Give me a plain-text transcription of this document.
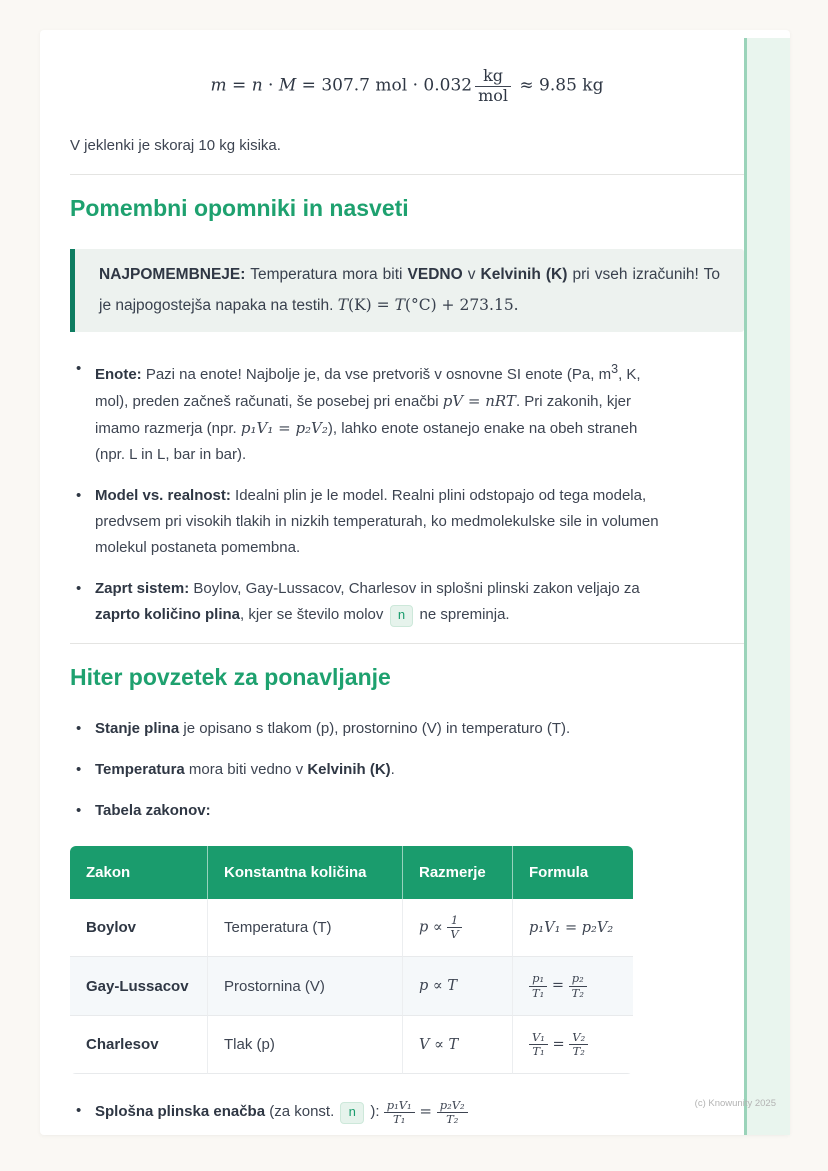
m = n · M = 307.7 mol · $0.032 \frac{kg}{\text{mol}} \approx 9.85$ kg

V jeklenki je skoraj 10 kg kisika.

Pomembni opomniki in nasveti

NAJPOMEMBNEJE: Temperatura mora biti VEDNO v Kelvinih (K) pri vseh izračunih! To je najpogostejša napaka na testih. T(K) = T(°C) + 273.15.

• Enote: Pazi na enote! Najbolje je, da vse pretvoriš v osnovne SI enote (Pa, $m^3$, K, mol), preden začneš računati, še posebej pri enačbi pV = nRT. Pri zakonih, kjer imamo razmerja (npr. p₁V₁ = p₂V₂), lahko enote ostanejo enake na obeh straneh (npr. L in L, bar in bar).
• Model vs. realnost: Idealni plin je le model. Realni plini odstopajo od tega modela, predvsem pri visokih tlakih in nizkih temperaturah, ko medmolekulske sile in volumen molekul postaneta pomembna.
• Zaprt sistem: Boylov, Gay-Lussacov, Charlesov in splošni plinski zakon veljajo za zaprto količino plina, kjer se število molov n ne spreminja.
Hiter povzetek za ponavljanje
• Stanje plina je opisano s tlakom (p), prostornino (V) in temperaturo (T).
• Temperatura mora biti vedno v Kelvinih (K).
• Tabela zakonov:
Zakon	Konstantna količina	Razmerje	Formula
Boylov	Temperatura (T)	$p \propto \frac{1}{V}$	p₁V₁ = p₂V₂
Gay-Lussacov	Prostornina (V)	p ∝ T	$\frac{\text{p₁}}{\text{T₁}} = \frac{\text{p₂}}{\text{T₂}}$

Charlesov	Tlak (p)	V ∝ T	$\frac{\text{V₁}}{\text{T₁}} = \frac{\text{V₂}}{\text{T₂}}$
• Splošna plinska enačba (za konst. n ): $\frac{\text{p₁V₁}}{\text{T₁}} = \frac{\text{p₂V₂}}{\text{T₂}}$	(c) Knowunity 2025
